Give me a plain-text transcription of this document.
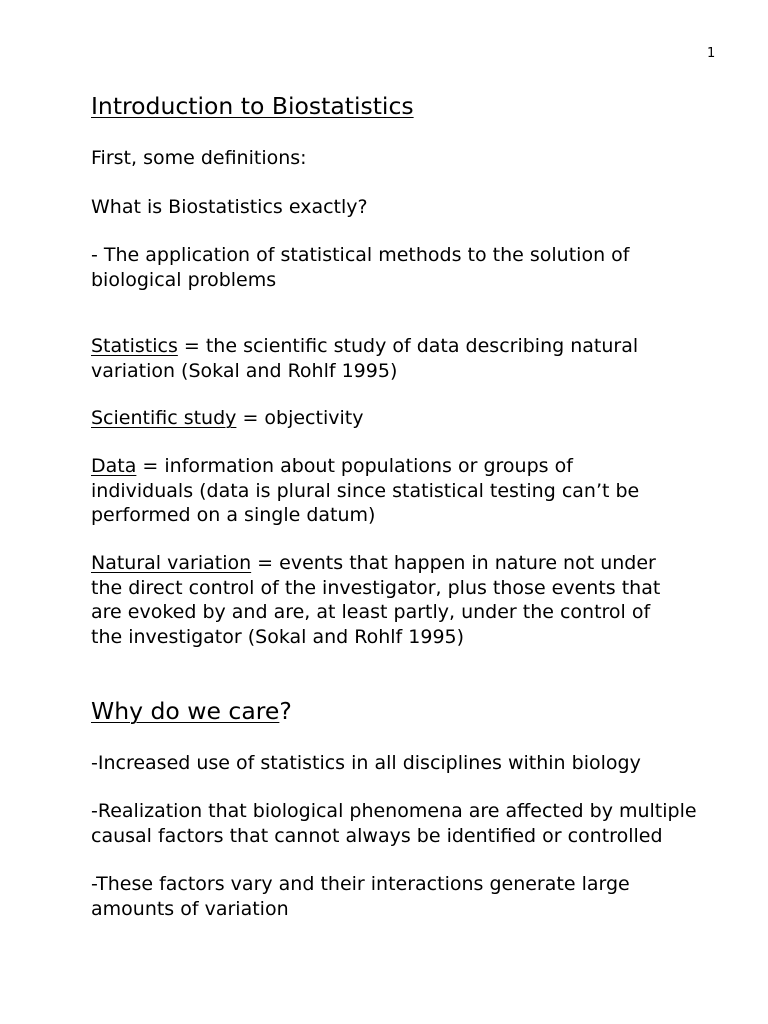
1
Introduction to Biostatistics
First, some definitions:
What is Biostatistics exactly?
- The application of statistical methods to the solution of
biological problems
Statistics = the scientific study of data describing natural
variation (Sokal and Rohlf 1995)
Scientific study = objectivity
Data = information about populations or groups of
individuals (data is plural since statistical testing can’t be
performed on a single datum)
Natural variation = events that happen in nature not under
the direct control of the investigator, plus those events that
are evoked by and are, at least partly, under the control of
the investigator (Sokal and Rohlf 1995)
Why do we care?
-Increased use of statistics in all disciplines within biology
-Realization that biological phenomena are affected by multiple
causal factors that cannot always be identified or controlled
-These factors vary and their interactions generate large
amounts of variation
